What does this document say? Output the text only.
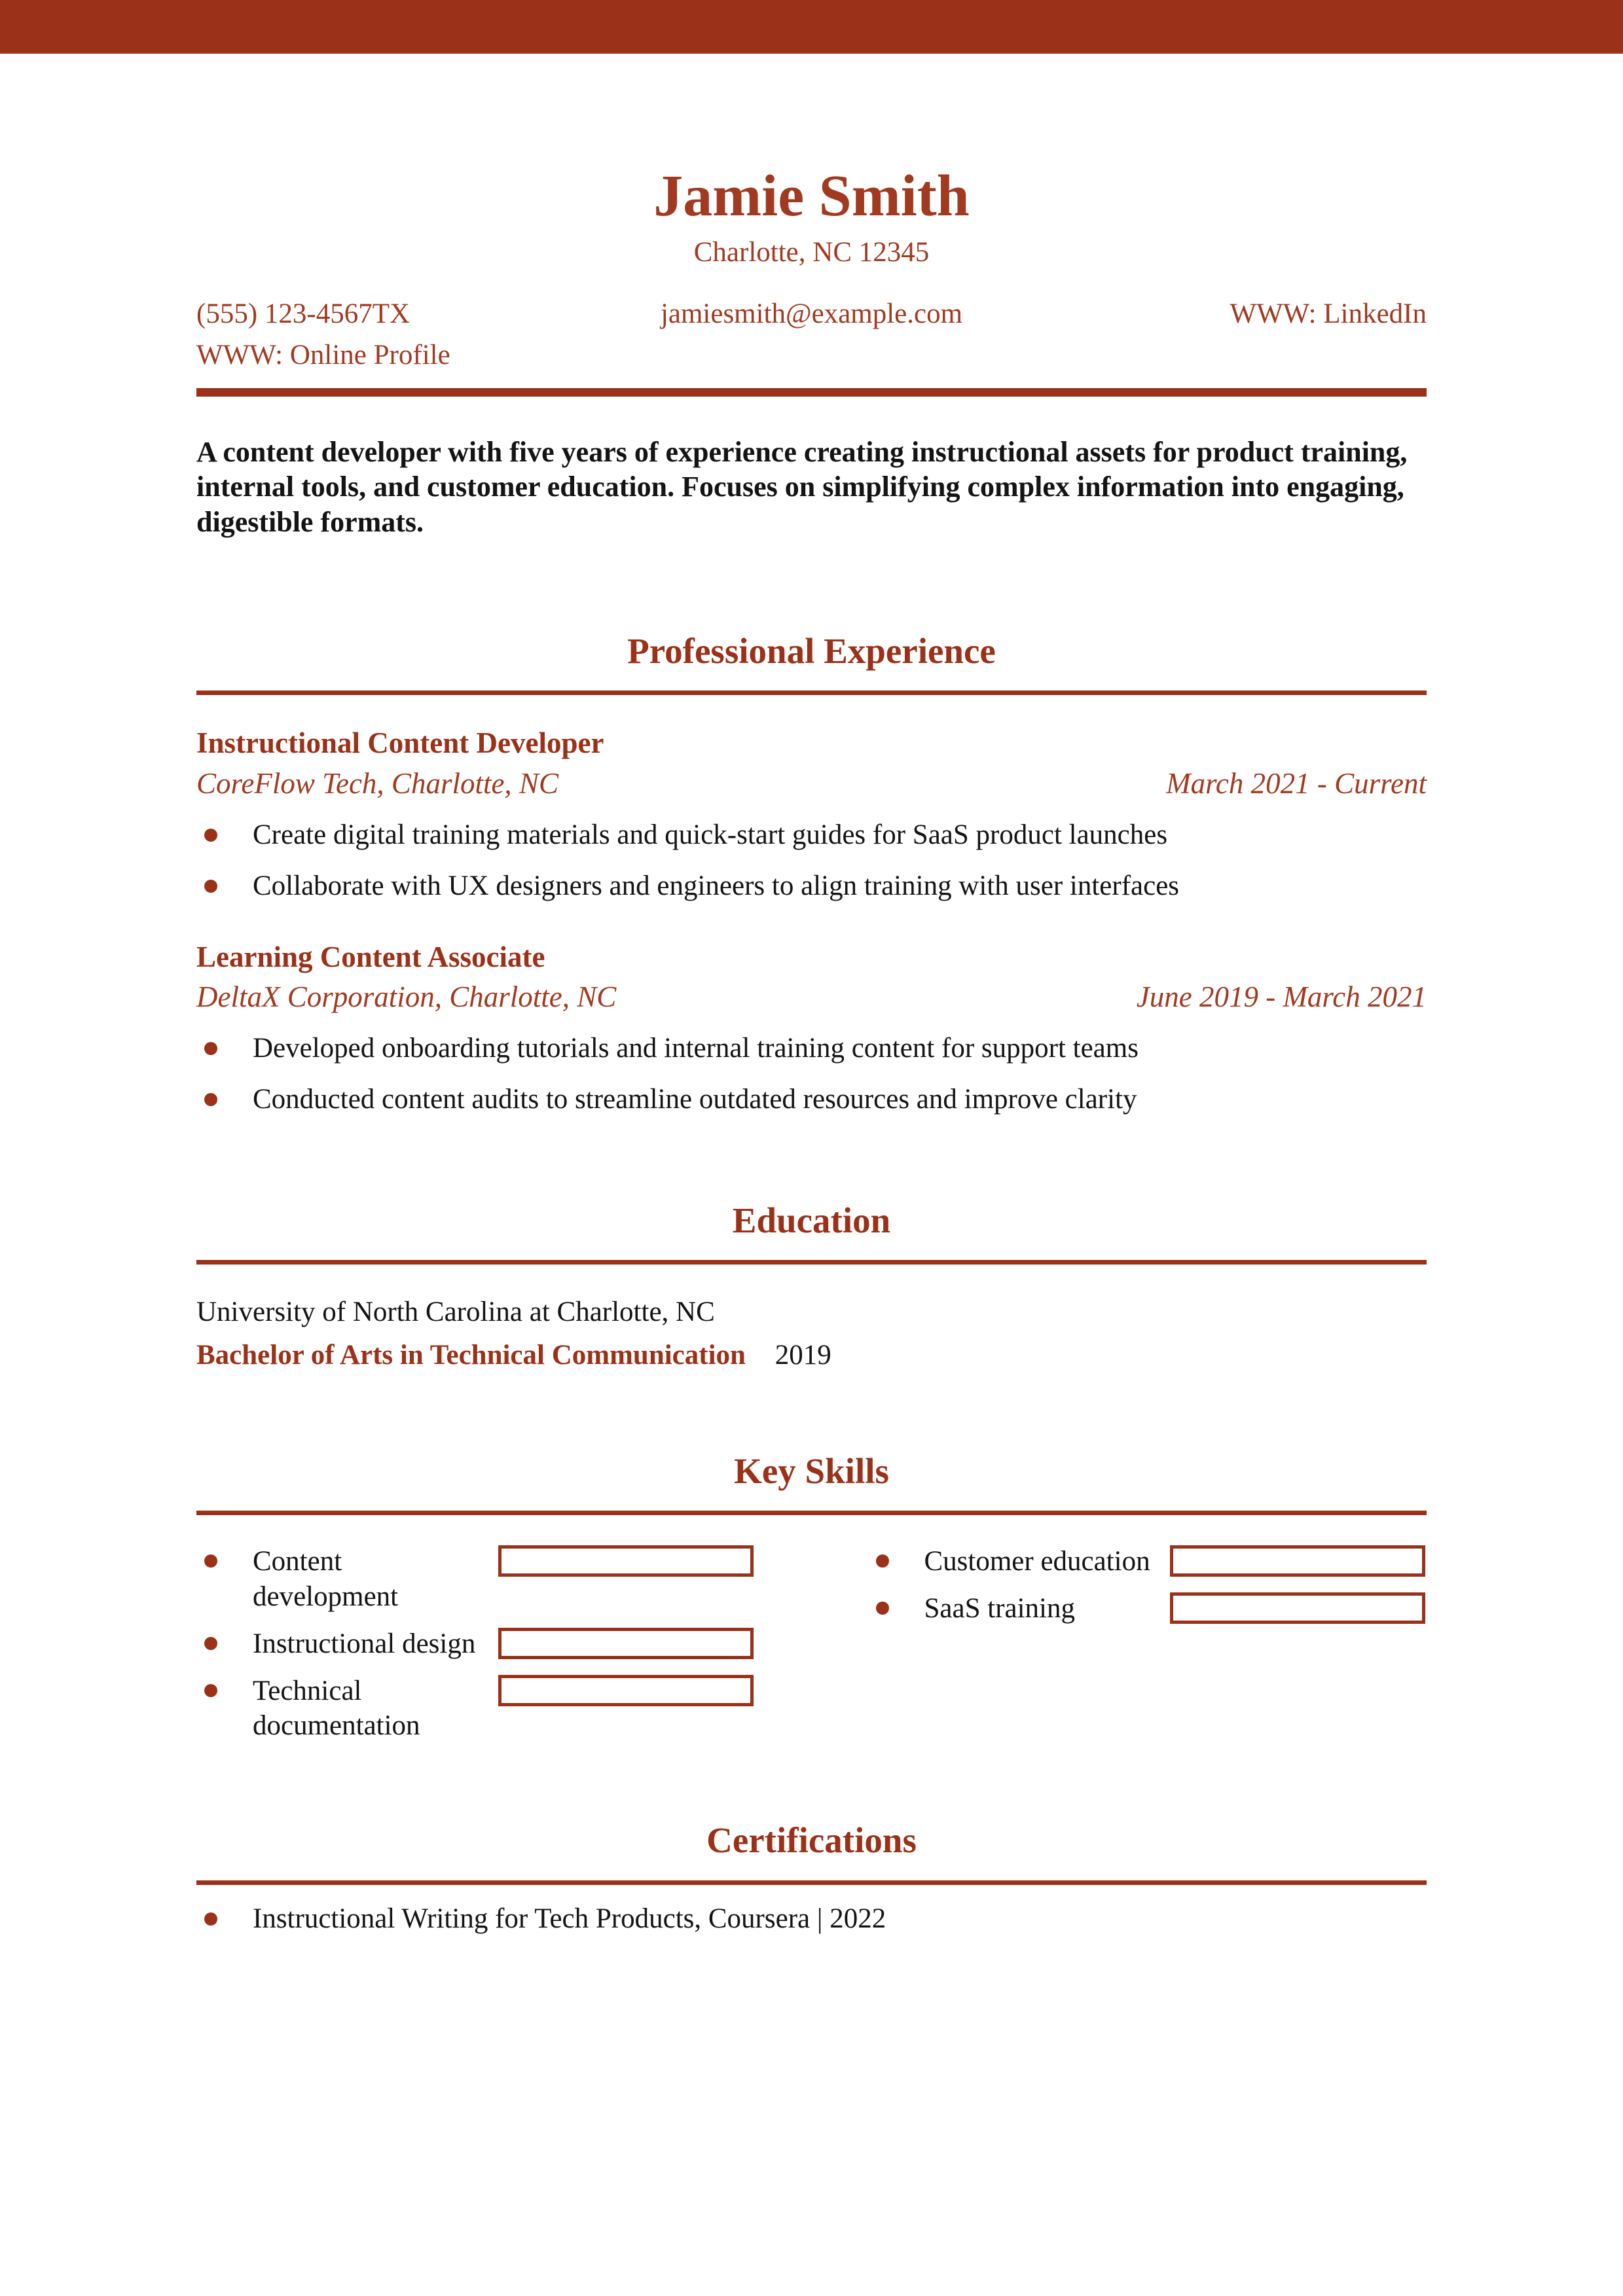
Jamie Smith
Charlotte, NC 12345
(555) 123-4567TX	jamiesmith@example.com	WWW: LinkedIn
WWW: Online Profile

A content developer with five years of experience creating instructional assets for product training, internal tools, and customer education. Focuses on simplifying complex information into engaging, digestible formats.

Professional Experience
Instructional Content Developer
CoreFlow Tech, Charlotte, NC	March 2021 - Current
Create digital training materials and quick-start guides for SaaS product launches
Collaborate with UX designers and engineers to align training with user interfaces
Learning Content Associate
DeltaX Corporation, Charlotte, NC	June 2019 - March 2021
Developed onboarding tutorials and internal training content for support teams
Conducted content audits to streamline outdated resources and improve clarity
Education
University of North Carolina at Charlotte, NC
Bachelor of Arts in Technical Communication 2019
Key Skills
Content development
Instructional design
Technical documentation
Customer education
SaaS training
Certifications
Instructional Writing for Tech Products, Coursera | 2022
